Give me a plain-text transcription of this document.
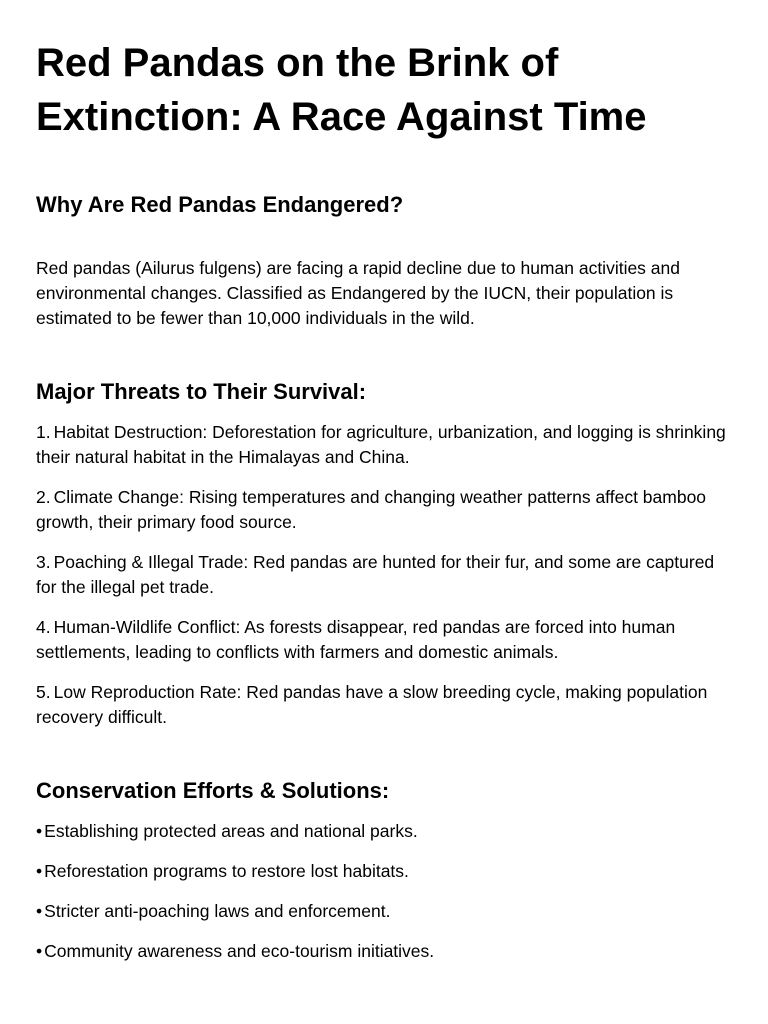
Red Pandas on the Brink of Extinction: A Race Against Time
Why Are Red Pandas Endangered?

Red pandas (Ailurus fulgens) are facing a rapid decline due to human activities and environmental changes. Classified as Endangered by the IUCN, their population is estimated to be fewer than 10,000 individuals in the wild.

Major Threats to Their Survival:
1. Habitat Destruction: Deforestation for agriculture, urbanization, and logging is shrinking their natural habitat in the Himalayas and China.
2. Climate Change: Rising temperatures and changing weather patterns affect bamboo growth, their primary food source.
3. Poaching & Illegal Trade: Red pandas are hunted for their fur, and some are captured for the illegal pet trade.
4. Human-Wildlife Conflict: As forests disappear, red pandas are forced into human settlements, leading to conflicts with farmers and domestic animals.
5. Low Reproduction Rate: Red pandas have a slow breeding cycle, making population recovery difficult.
Conservation Efforts & Solutions:
• Establishing protected areas and national parks.
• Reforestation programs to restore lost habitats.
• Stricter anti-poaching laws and enforcement.
• Community awareness and eco-tourism initiatives.
